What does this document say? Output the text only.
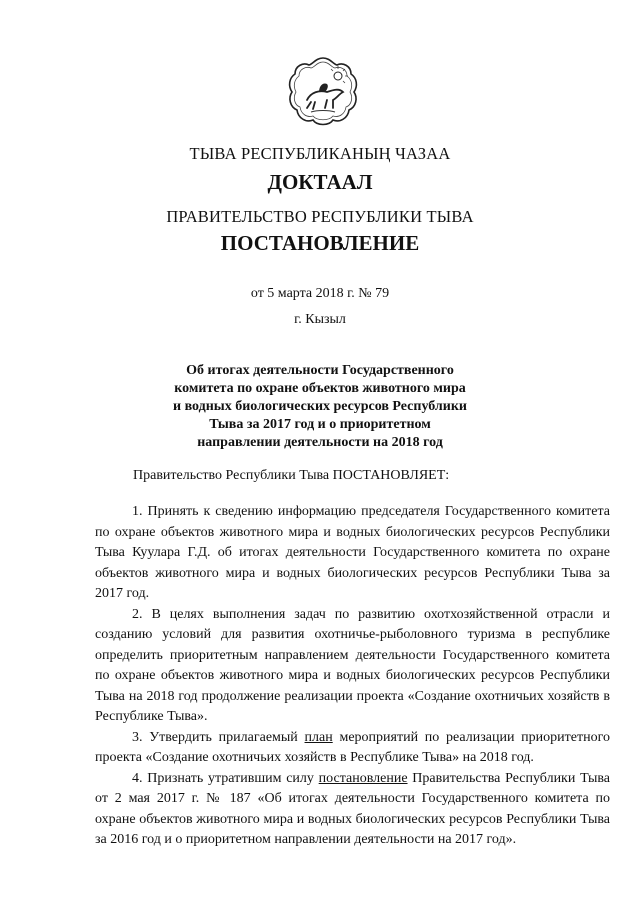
ТЫВА РЕСПУБЛИКАНЫҢ ЧАЗАА
ДОКТААЛ
ПРАВИТЕЛЬСТВО РЕСПУБЛИКИ ТЫВА
ПОСТАНОВЛЕНИЕ
от 5 марта 2018 г. № 79
г. Кызыл
Об итогах деятельности Государственного
комитета по охране объектов животного мира
и водных биологических ресурсов Республики
Тыва за 2017 год и о приоритетном
направлении деятельности на 2018 год
Правительство Республики Тыва ПОСТАНОВЛЯЕТ:

1. Принять к сведению информацию председателя Государственного комитета по охране объектов животного мира и водных биологических ресурсов Республики Тыва Куулара Г.Д. об итогах деятельности Государственного комитета по охране объектов животного мира и водных биологических ресурсов Республики Тыва за 2017 год.

2. В целях выполнения задач по развитию охотхозяйственной отрасли и созданию условий для развития охотничье-рыболовного туризма в республике определить приоритетным направлением деятельности Государственного комитета по охране объектов животного мира и водных биологических ресурсов Республики Тыва на 2018 год продолжение реализации проекта «Создание охотничьих хозяйств в Республике Тыва».

3. Утвердить прилагаемый план мероприятий по реализации приоритетного проекта «Создание охотничьих хозяйств в Республике Тыва» на 2018 год.

4. Признать утратившим силу постановление Правительства Республики Тыва от 2 мая 2017 г. № 187 «Об итогах деятельности Государственного комитета по охране объектов животного мира и водных биологических ресурсов Республики Тыва за 2016 год и о приоритетном направлении деятельности на 2017 год».
